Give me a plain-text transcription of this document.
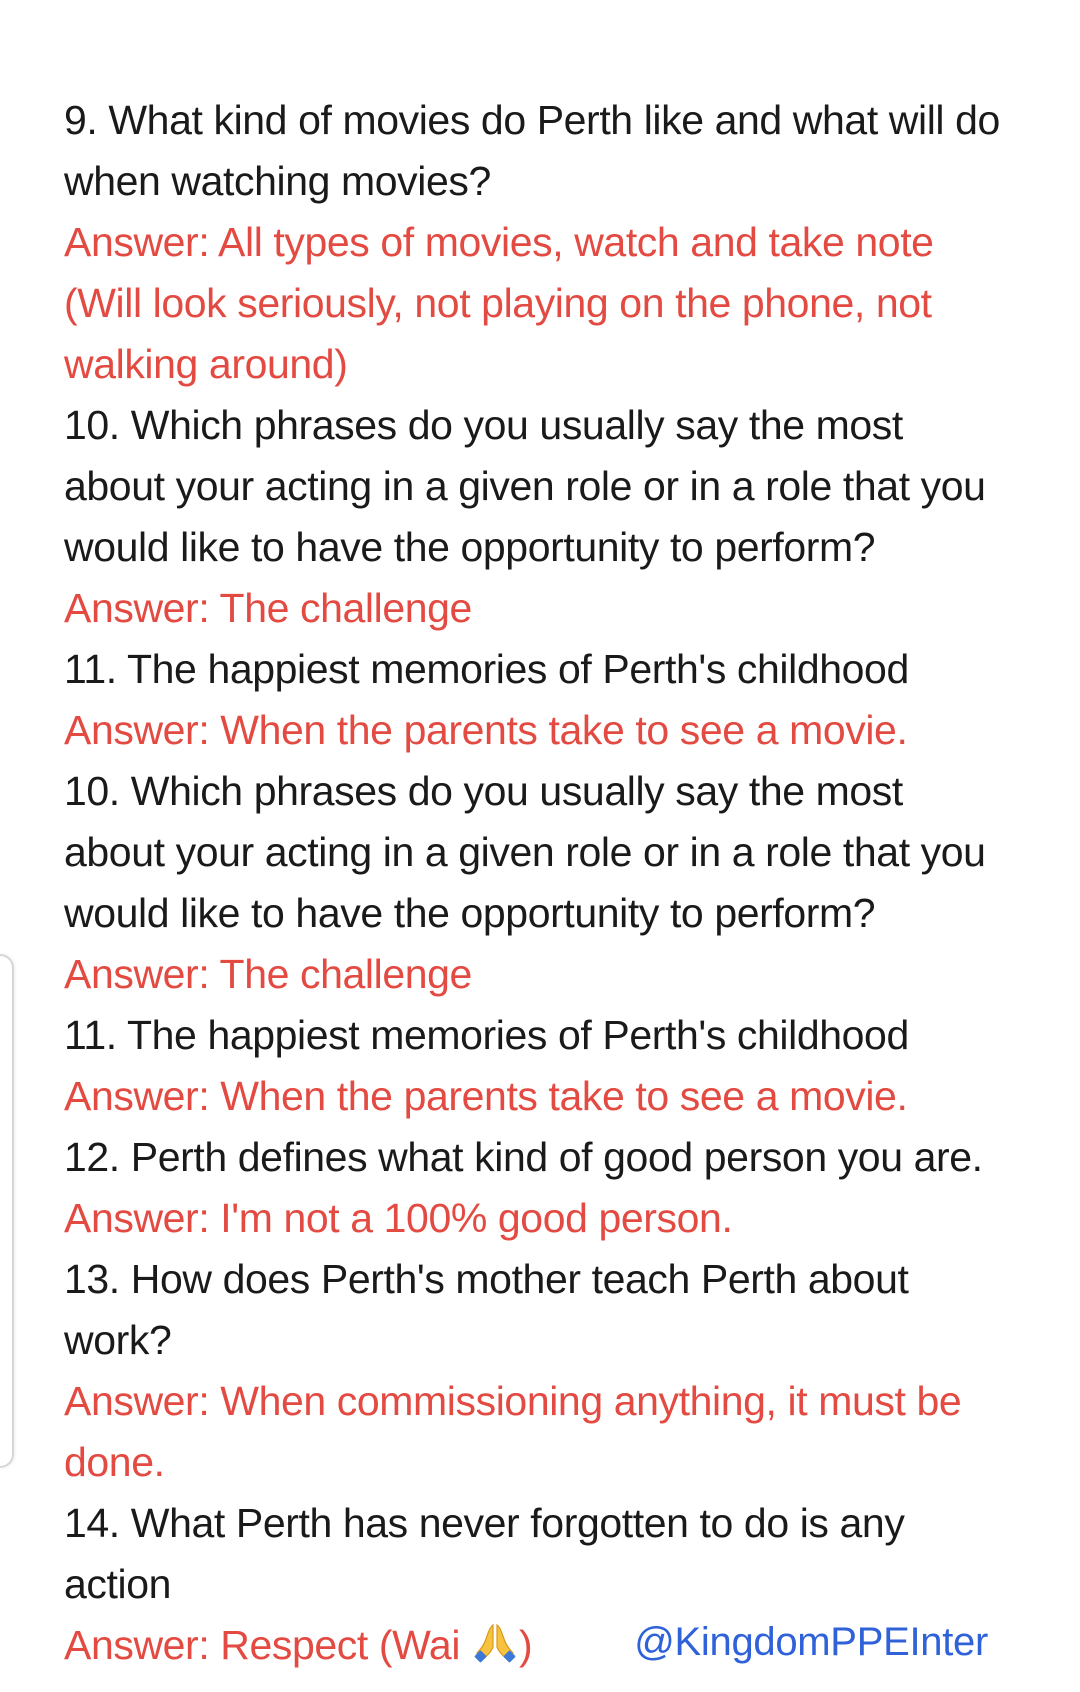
9. What kind of movies do Perth like and what will do when watching movies?

Answer: All types of movies, watch and take note (Will look seriously, not playing on the phone, not walking around)

10. Which phrases do you usually say the most about your acting in a given role or in a role that you would like to have the opportunity to perform?

Answer: The challenge

11. The happiest memories of Perth's childhood

Answer: When the parents take to see a movie.

10. Which phrases do you usually say the most about your acting in a given role or in a role that you would like to have the opportunity to perform?

Answer: The challenge

11. The happiest memories of Perth's childhood

Answer: When the parents take to see a movie.

12. Perth defines what kind of good person you are.

Answer: I'm not a 100% good person.

13. How does Perth's mother teach Perth about work?

Answer: When commissioning anything, it must be done.

14. What Perth has never forgotten to do is any action

Answer: Respect (Wai )	@KingdomPPEInter
